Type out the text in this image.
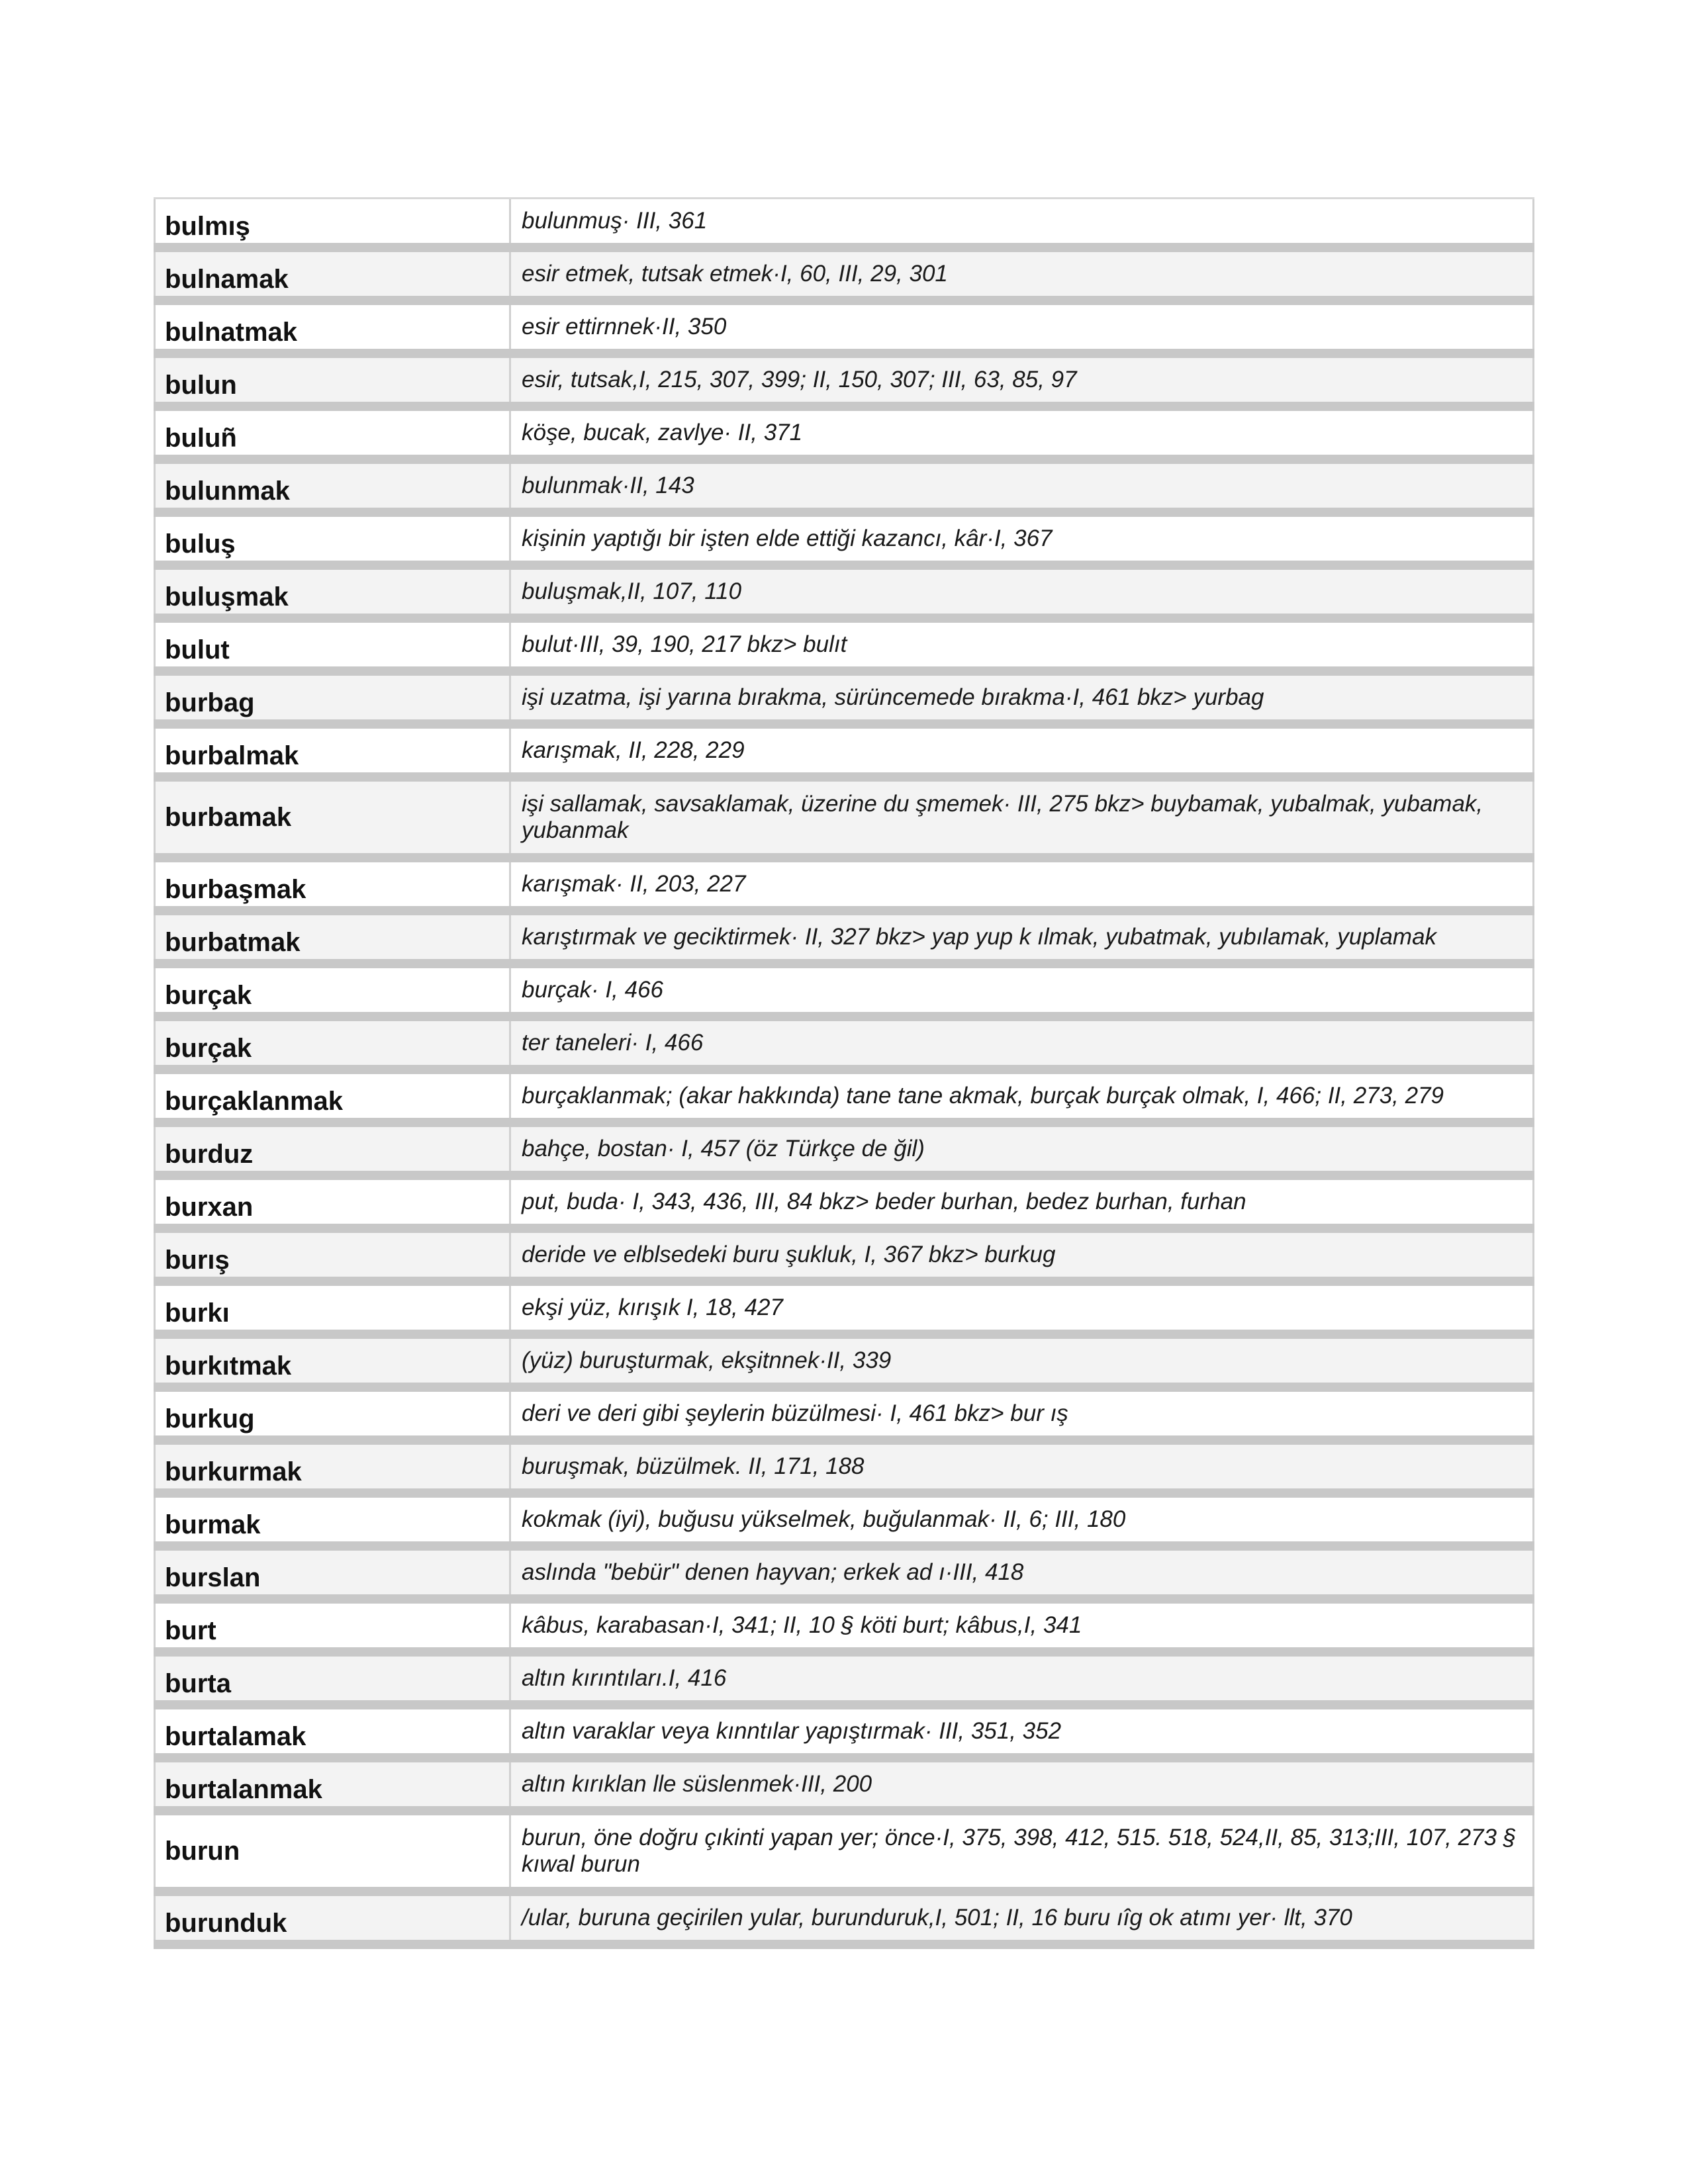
bulmış	bulunmuş· III, 361
bulnamak	esir etmek, tutsak etmek·I, 60, III, 29, 301
bulnatmak	esir ettirnnek·II, 350
bulun	esir, tutsak,I, 215, 307, 399; II, 150, 307; III, 63, 85, 97
buluñ	köşe, bucak, zavlye· II, 371
bulunmak	bulunmak·II, 143
buluş	kişinin yaptığı bir işten elde ettiği kazancı, kâr·I, 367
buluşmak	buluşmak,II, 107, 110
bulut	bulut·III, 39, 190, 217 bkz> bulıt
burbag	işi uzatma, işi yarına bırakma, sürüncemede bırakma·I, 461 bkz> yurbag
burbalmak	karışmak, II, 228, 229
burbamak	işi sallamak, savsaklamak, üzerine du şmemek· III, 275 bkz> buybamak, yubalmak, yubamak, yubanmak
burbaşmak	karışmak· II, 203, 227
burbatmak	karıştırmak ve geciktirmek· II, 327 bkz> yap yup k ılmak, yubatmak, yubılamak, yuplamak
burçak	burçak· I, 466
burçak	ter taneleri· I, 466
burçaklanmak	burçaklanmak; (akar hakkında) tane tane akmak, burçak burçak olmak, I, 466; II, 273, 279
burduz	bahçe, bostan· I, 457 (öz Türkçe de ğil)
burxan	put, buda· I, 343, 436, III, 84 bkz> beder burhan, bedez burhan, furhan
burış	deride ve elblsedeki buru şukluk, I, 367 bkz> burkug
burkı	ekşi yüz, kırışık I, 18, 427
burkıtmak	(yüz) buruşturmak, ekşitnnek·II, 339
burkug	deri ve deri gibi şeylerin büzülmesi· I, 461 bkz> bur ış
burkurmak	buruşmak, büzülmek. II, 171, 188
burmak	kokmak (iyi), buğusu yükselmek, buğulanmak· II, 6; III, 180
burslan	aslında "bebür" denen hayvan; erkek ad ı·III, 418
burt	kâbus, karabasan·I, 341; II, 10 § köti burt; kâbus,I, 341
burta	altın kırıntıları.I, 416
burtalamak	altın varaklar veya kınntılar yapıştırmak· III, 351, 352
burtalanmak	altın kırıklan lle süslenmek·III, 200
burun	burun, öne doğru çıkinti yapan yer; önce·I, 375, 398, 412, 515. 518, 524,II, 85, 313;III, 107, 273 § kıwal burun
burunduk	/ular, buruna geçirilen yular, burunduruk,I, 501; II, 16 buru ıîg ok atımı yer· llt, 370
